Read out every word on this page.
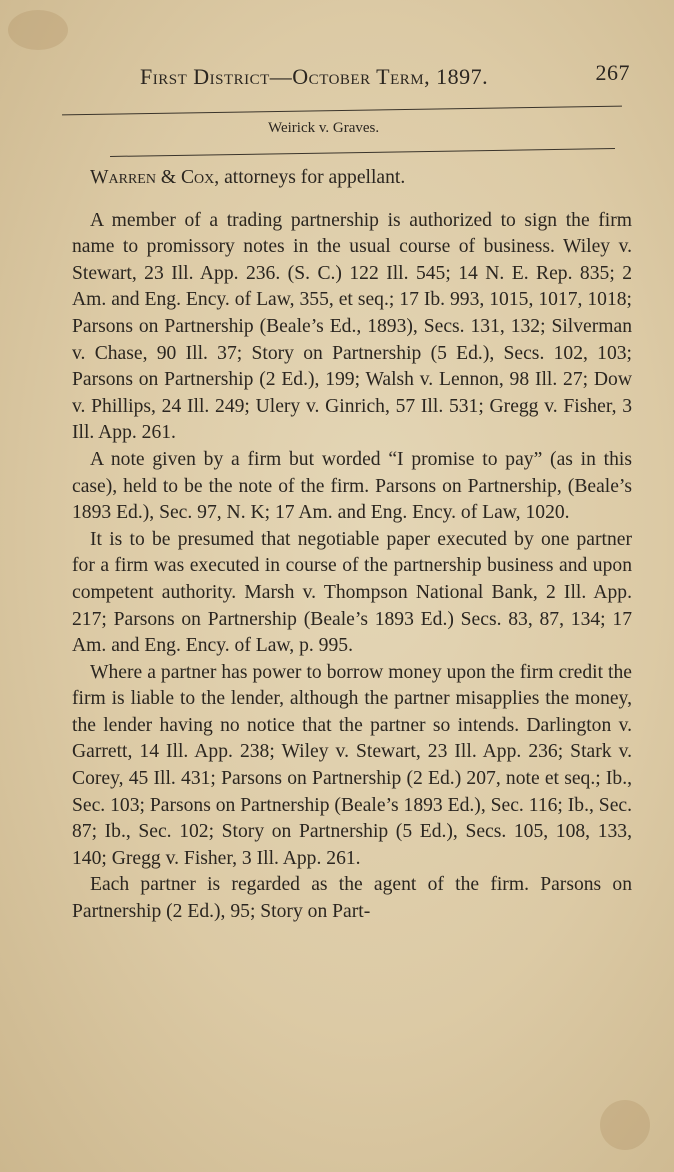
First District—October Term, 1897.	267
Weirick v. Graves.

Warren & Cox, attorneys for appellant.

A member of a trading partnership is authorized to sign the firm name to promissory notes in the usual course of business. Wiley v. Stewart, 23 Ill. App. 236. (S. C.) 122 Ill. 545; 14 N. E. Rep. 835; 2 Am. and Eng. Ency. of Law, 355, et seq.; 17 Ib. 993, 1015, 1017, 1018; Parsons on Partnership (Beale’s Ed., 1893), Secs. 131, 132; Silverman v. Chase, 90 Ill. 37; Story on Partnership (5 Ed.), Secs. 102, 103; Parsons on Partnership (2 Ed.), 199; Walsh v. Lennon, 98 Ill. 27; Dow v. Phillips, 24 Ill. 249; Ulery v. Ginrich, 57 Ill. 531; Gregg v. Fisher, 3 Ill. App. 261.

A note given by a firm but worded “I promise to pay” (as in this case), held to be the note of the firm. Parsons on Partnership, (Beale’s 1893 Ed.), Sec. 97, N. K; 17 Am. and Eng. Ency. of Law, 1020.

It is to be presumed that negotiable paper executed by one partner for a firm was executed in course of the partnership business and upon competent authority. Marsh v. Thompson National Bank, 2 Ill. App. 217; Parsons on Partnership (Beale’s 1893 Ed.) Secs. 83, 87, 134; 17 Am. and Eng. Ency. of Law, p. 995.

Where a partner has power to borrow money upon the firm credit the firm is liable to the lender, although the partner misapplies the money, the lender having no notice that the partner so intends. Darlington v. Garrett, 14 Ill. App. 238; Wiley v. Stewart, 23 Ill. App. 236; Stark v. Corey, 45 Ill. 431; Parsons on Partnership (2 Ed.) 207, note et seq.; Ib., Sec. 103; Parsons on Partnership (Beale’s 1893 Ed.), Sec. 116; Ib., Sec. 87; Ib., Sec. 102; Story on Partnership (5 Ed.), Secs. 105, 108, 133, 140; Gregg v. Fisher, 3 Ill. App. 261.

Each partner is regarded as the agent of the firm. Parsons on Partnership (2 Ed.), 95; Story on Part-
